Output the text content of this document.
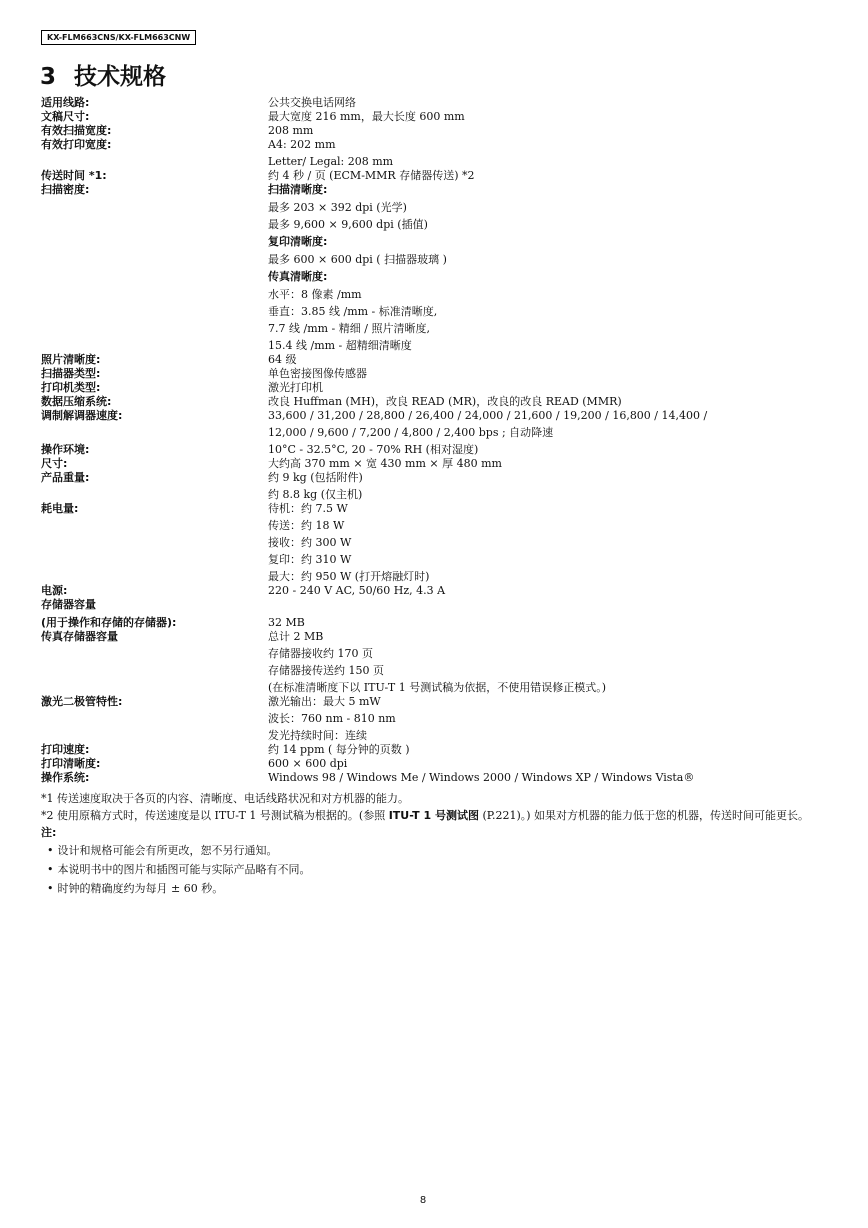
KX-FLM663CNS/KX-FLM663CNW
3 技术规格
适用线路:	公共交换电话网络
文稿尺寸:	最大宽度 216 mm，最大长度 600 mm
有效扫描宽度:	208 mm
有效打印宽度:	A4: 202 mm
Letter/ Legal: 208 mm
传送时间 *1:	约 4 秒 / 页 (ECM-MMR 存储器传送) *2
扫描密度:	扫描清晰度:
最多 203 × 392 dpi (光学)
最多 9,600 × 9,600 dpi (插值)
复印清晰度:
最多 600 × 600 dpi ( 扫描器玻璃 )
传真清晰度:
水平：8 像素 /mm
垂直：3.85 线 /mm - 标准清晰度,
7.7 线 /mm - 精细 / 照片清晰度,
15.4 线 /mm - 超精细清晰度
照片清晰度:	64 级
扫描器类型:	单色密接图像传感器
打印机类型:	激光打印机
数据压缩系统:	改良 Huffman (MH)，改良 READ (MR)，改良的改良 READ (MMR)
调制解调器速度:	33,600 / 31,200 / 28,800 / 26,400 / 24,000 / 21,600 / 19,200 / 16,800 / 14,400 /
12,000 / 9,600 / 7,200 / 4,800 / 2,400 bps ; 自动降速
操作环境:	10°C - 32.5°C, 20 - 70% RH (相对湿度)
尺寸:	大约高 370 mm × 宽 430 mm × 厚 480 mm
产品重量:	约 9 kg (包括附件)
约 8.8 kg (仅主机)
耗电量:	待机：约 7.5 W
传送：约 18 W
接收：约 300 W
复印：约 310 W
最大：约 950 W (打开熔融灯时)
电源:	220 - 240 V AC, 50/60 Hz, 4.3 A
存储器容量
(用于操作和存储的存储器):	32 MB
传真存储器容量	总计 2 MB
存储器接收约 170 页
存储器接传送约 150 页
(在标准清晰度下以 ITU-T 1 号测试稿为依据，不使用错误修正模式。)
激光二极管特性:	激光输出：最大 5 mW
波长：760 nm - 810 nm
发光持续时间：连续
打印速度:	约 14 ppm ( 每分钟的页数 )
打印清晰度:	600 × 600 dpi
操作系统:	Windows 98 / Windows Me / Windows 2000 / Windows XP / Windows Vista®
*1 传送速度取决于各页的内容、清晰度、电话线路状况和对方机器的能力。
*2 使用原稿方式时，传送速度是以 ITU-T 1 号测试稿为根据的。(参照 ITU-T 1 号测试图 (P.221)。) 如果对方机器的能力低于您的机器，传送时间可能更长。
注:
• 设计和规格可能会有所更改，恕不另行通知。
• 本说明书中的图片和插图可能与实际产品略有不同。
• 时钟的精确度约为每月 ± 60 秒。
8
